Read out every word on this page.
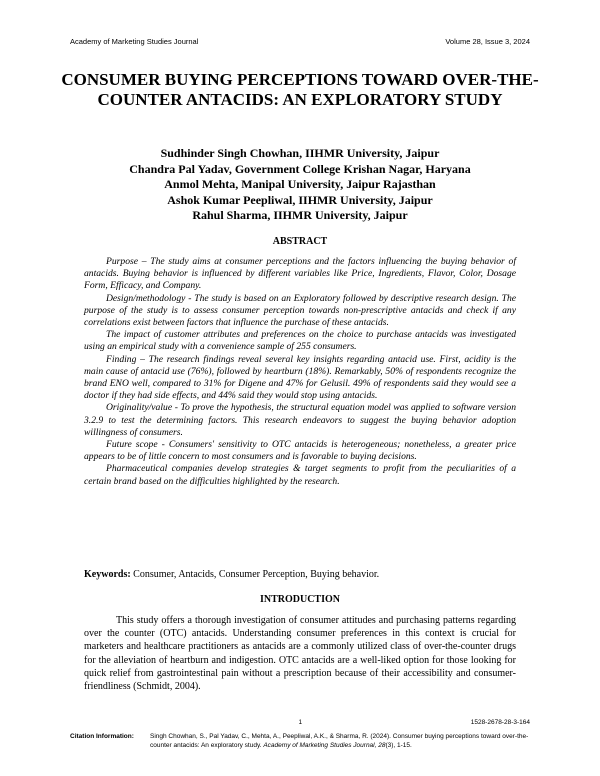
Academy of Marketing Studies Journal	Volume 28, Issue 3, 2024
CONSUMER BUYING PERCEPTIONS TOWARD OVER-THE-COUNTER ANTACIDS: AN EXPLORATORY STUDY
Sudhinder Singh Chowhan, IIHMR University, Jaipur
Chandra Pal Yadav, Government College Krishan Nagar, Haryana
Anmol Mehta, Manipal University, Jaipur Rajasthan
Ashok Kumar Peepliwal, IIHMR University, Jaipur
Rahul Sharma, IIHMR University, Jaipur
ABSTRACT

Purpose – The study aims at consumer perceptions and the factors influencing the buying behavior of antacids. Buying behavior is influenced by different variables like Price, Ingredients, Flavor, Color, Dosage Form, Efficacy, and Company.

Design/methodology - The study is based on an Exploratory followed by descriptive research design. The purpose of the study is to assess consumer perception towards non-prescriptive antacids and check if any correlations exist between factors that influence the purchase of these antacids.

The impact of customer attributes and preferences on the choice to purchase antacids was investigated using an empirical study with a convenience sample of 255 consumers.

Finding – The research findings reveal several key insights regarding antacid use. First, acidity is the main cause of antacid use (76%), followed by heartburn (18%). Remarkably, 50% of respondents recognize the brand ENO well, compared to 31% for Digene and 47% for Gelusil. 49% of respondents said they would see a doctor if they had side effects, and 44% said they would stop using antacids.

Originality/value - To prove the hypothesis, the structural equation model was applied to software version 3.2.9 to test the determining factors. This research endeavors to suggest the buying behavior adoption willingness of consumers.

Future scope - Consumers' sensitivity to OTC antacids is heterogeneous; nonetheless, a greater price appears to be of little concern to most consumers and is favorable to buying decisions.

Pharmaceutical companies develop strategies & target segments to profit from the peculiarities of a certain brand based on the difficulties highlighted by the research.

Keywords: Consumer, Antacids, Consumer Perception, Buying behavior.
INTRODUCTION

This study offers a thorough investigation of consumer attitudes and purchasing patterns regarding over the counter (OTC) antacids. Understanding consumer preferences in this context is crucial for marketers and healthcare practitioners as antacids are a commonly utilized class of over-the-counter drugs for the alleviation of heartburn and indigestion. OTC antacids are a well-liked option for those looking for quick relief from gastrointestinal pain without a prescription because of their accessibility and consumer-friendliness (Schmidt, 2004).

1	1528-2678-28-3-164
Citation Information:	Singh Chowhan, S., Pal Yadav, C., Mehta, A., Peepliwal, A.K., & Sharma, R. (2024). Consumer buying perceptions toward over-the-counter antacids: An exploratory study. Academy of Marketing Studies Journal, 28(3), 1-15.
